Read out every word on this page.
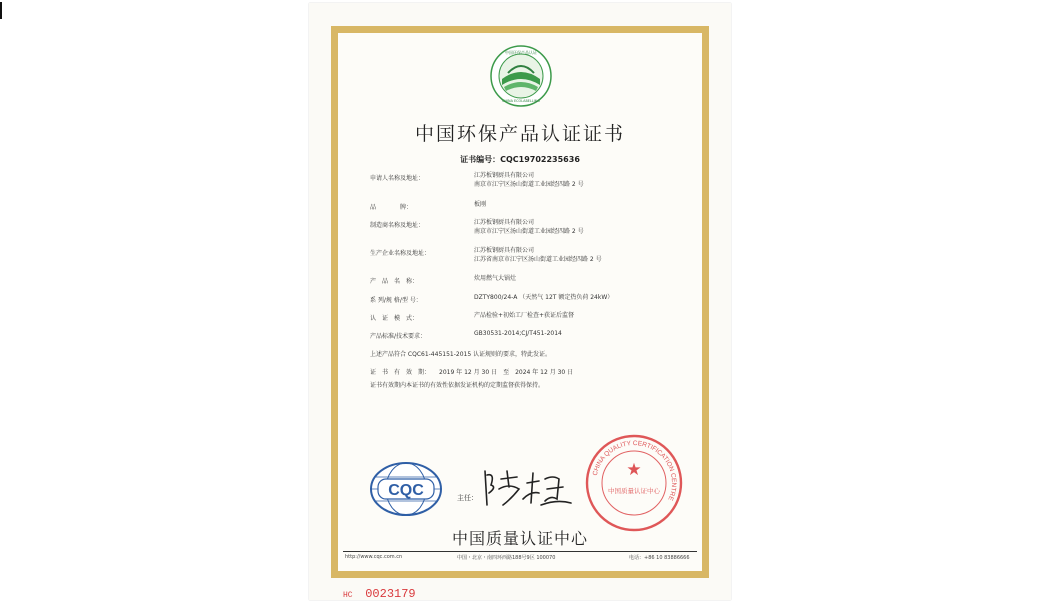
中国环保产品认证
CHINA ECOLABELLING
中国环保产品认证证书
证书编号：CQC19702235636
申请人名称及地址：	江苏板钢厨具有限公司
南京市江宁区汤山街道工业园经四路 2 号
品　　　　牌：	板刚
制造商名称及地址：	江苏板钢厨具有限公司
南京市江宁区汤山街道工业园经四路 2 号
生产企业名称及地址：	江苏板钢厨具有限公司
江苏省南京市江宁区汤山街道工业园经四路 2 号
产　品　名　称：	炊用燃气大锅灶
系 列/规 格/型 号：	DZTY800/24-A （天然气 12T 额定热负荷 24kW）
认　证　模　式：	产品检验+初始工厂检查+获证后监督
产品标准/技术要求：	GB30531-2014;CJ/T451-2014
上述产品符合 CQC61-445151-2015 认证规则的要求，特此发证。
证　书　有　效　期：　　2019 年 12 月 30 日　至　2024 年 12 月 30 日
证书有效期内本证书的有效性依据发证机构的定期监督获得保持。
CQC	主任：
CHINA QUALITY CERTIFICATION CENTRE
★
中国质量认证中心
中国质量认证中心
http://www.cqc.com.cn	中国・北京・南四环西路188号9区 100070	电话：+86 10 83886666
HC 0023179
